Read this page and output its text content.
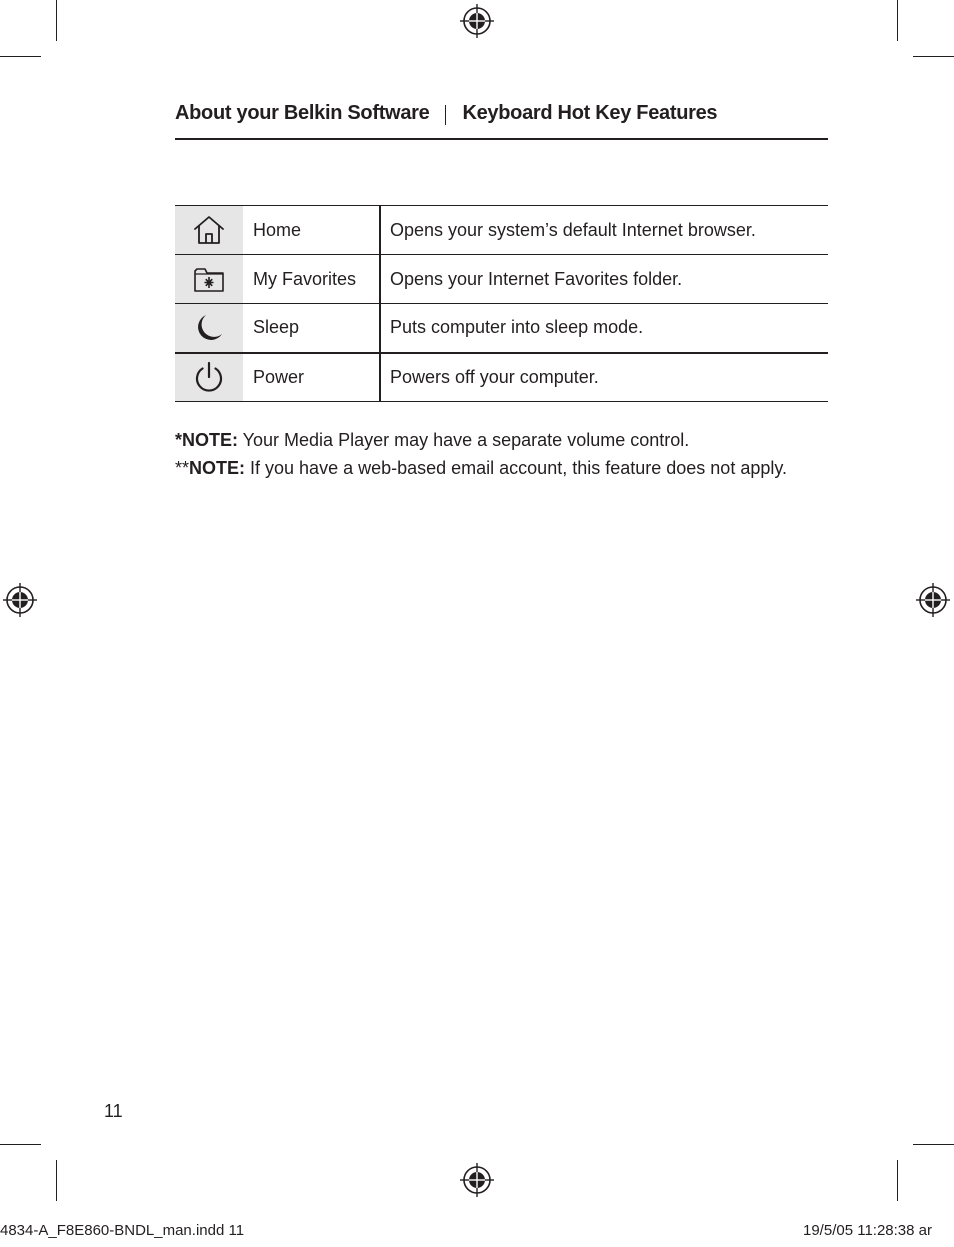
About your Belkin Software Keyboard Hot Key Features
	Home	Opens your system’s default Internet browser.

	My Favorites	Opens your Internet Favorites folder.

	Sleep	Puts computer into sleep mode.

	Power	Powers off your computer.
*NOTE: Your Media Player may have a separate volume control.
**NOTE: If you have a web-based email account, this feature does not apply.
11
4834-A_F8E860-BNDL_man.indd 11	19/5/05 11:28:38 ar
